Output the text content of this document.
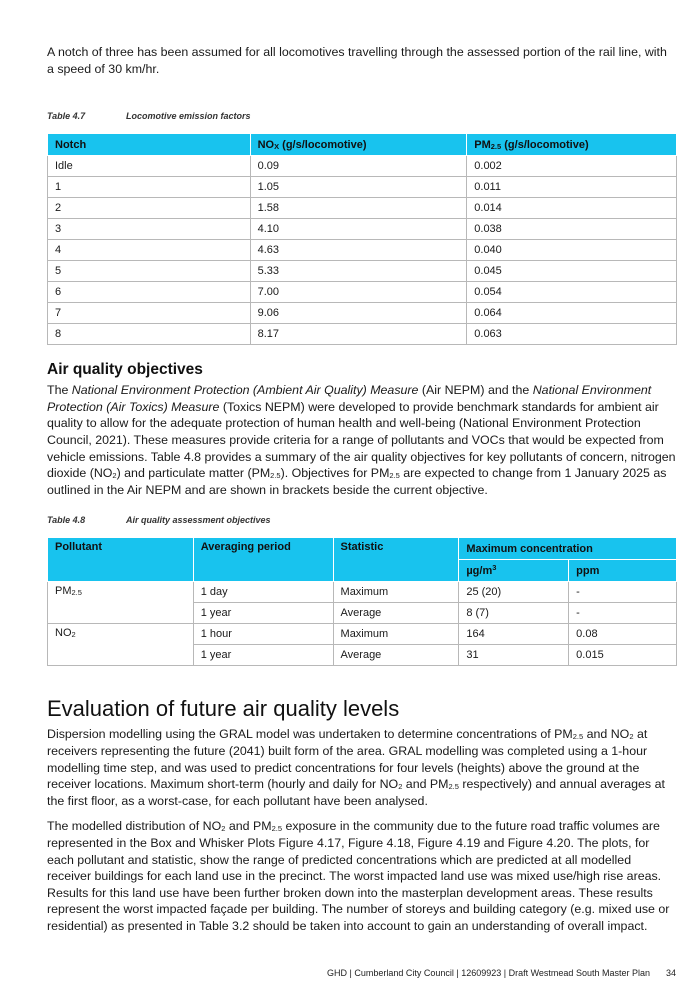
A notch of three has been assumed for all locomotives travelling through the assessed portion of the rail line, with a speed of 30 km/hr.

Table 4.7	Locomotive emission factors

Notch	$NO_X$ (g/s/locomotive)	$PM_{2.5}$ (g/s/locomotive)
Idle	0.09	0.002
1	1.05	0.011
2	1.58	0.014
3	4.10	0.038
4	4.63	0.040
5	5.33	0.045
6	7.00	0.054
7	9.06	0.064
8	8.17	0.063
Air quality objectives

The National Environment Protection (Ambient Air Quality) Measure (Air NEPM) and the National Environment Protection (Air Toxics) Measure (Toxics NEPM) were developed to provide benchmark standards for ambient air quality to allow for the adequate protection of human health and well-being (National Environment Protection Council, 2021). These measures provide criteria for a range of pollutants and VOCs that would be expected from vehicle emissions. Table 4.8 provides a summary of the air quality objectives for key pollutants of concern, nitrogen dioxide $(NO_2)$ and particulate matter $(PM_{2.5})$. Objectives for $PM_{2.5}$ are expected to change from 1 January 2025 as outlined in the Air NEPM and are shown in brackets beside the current objective.

Table 4.8	Air quality assessment objectives

Pollutant	Averaging period	Statistic	Maximum concentration	
			$\mu g/m^3$	ppm
$PM_{2.5}$	1 day	Maximum	25 (20)	-
	1 year	Average	8 (7)	-
$NO_2$	1 hour	Maximum	164	0.08
	1 year	Average	31	0.015
Evaluation of future air quality levels

Dispersion modelling using the GRAL model was undertaken to determine concentrations of $PM_{2.5}$ and $NO_2$ at receivers representing the future (2041) built form of the area. GRAL modelling was completed using a 1-hour modelling time step, and was used to predict concentrations for four levels (heights) above the ground at the receiver locations. Maximum short-term (hourly and daily for $NO_2$ and $PM_{2.5}$ respectively) and annual averages at the first floor, as a worst-case, for each pollutant have been analysed.

The modelled distribution of $NO_2$ and $PM_{2.5}$ exposure in the community due to the future road traffic volumes are represented in the Box and Whisker Plots Figure 4.17, Figure 4.18, Figure 4.19 and Figure 4.20. The plots, for each pollutant and statistic, show the range of predicted concentrations which are predicted at all modelled receiver buildings for each land use in the precinct. The worst impacted land use was mixed use/high rise areas. Results for this land use have been further broken down into the masterplan development areas. These results represent the worst impacted façade per building. The number of storeys and building category (e.g. mixed use or residential) as presented in Table 3.2 should be taken into account to gain an understanding of overall impact.

GHD | Cumberland City Council | 12609923 | Draft Westmead South Master Plan 34
